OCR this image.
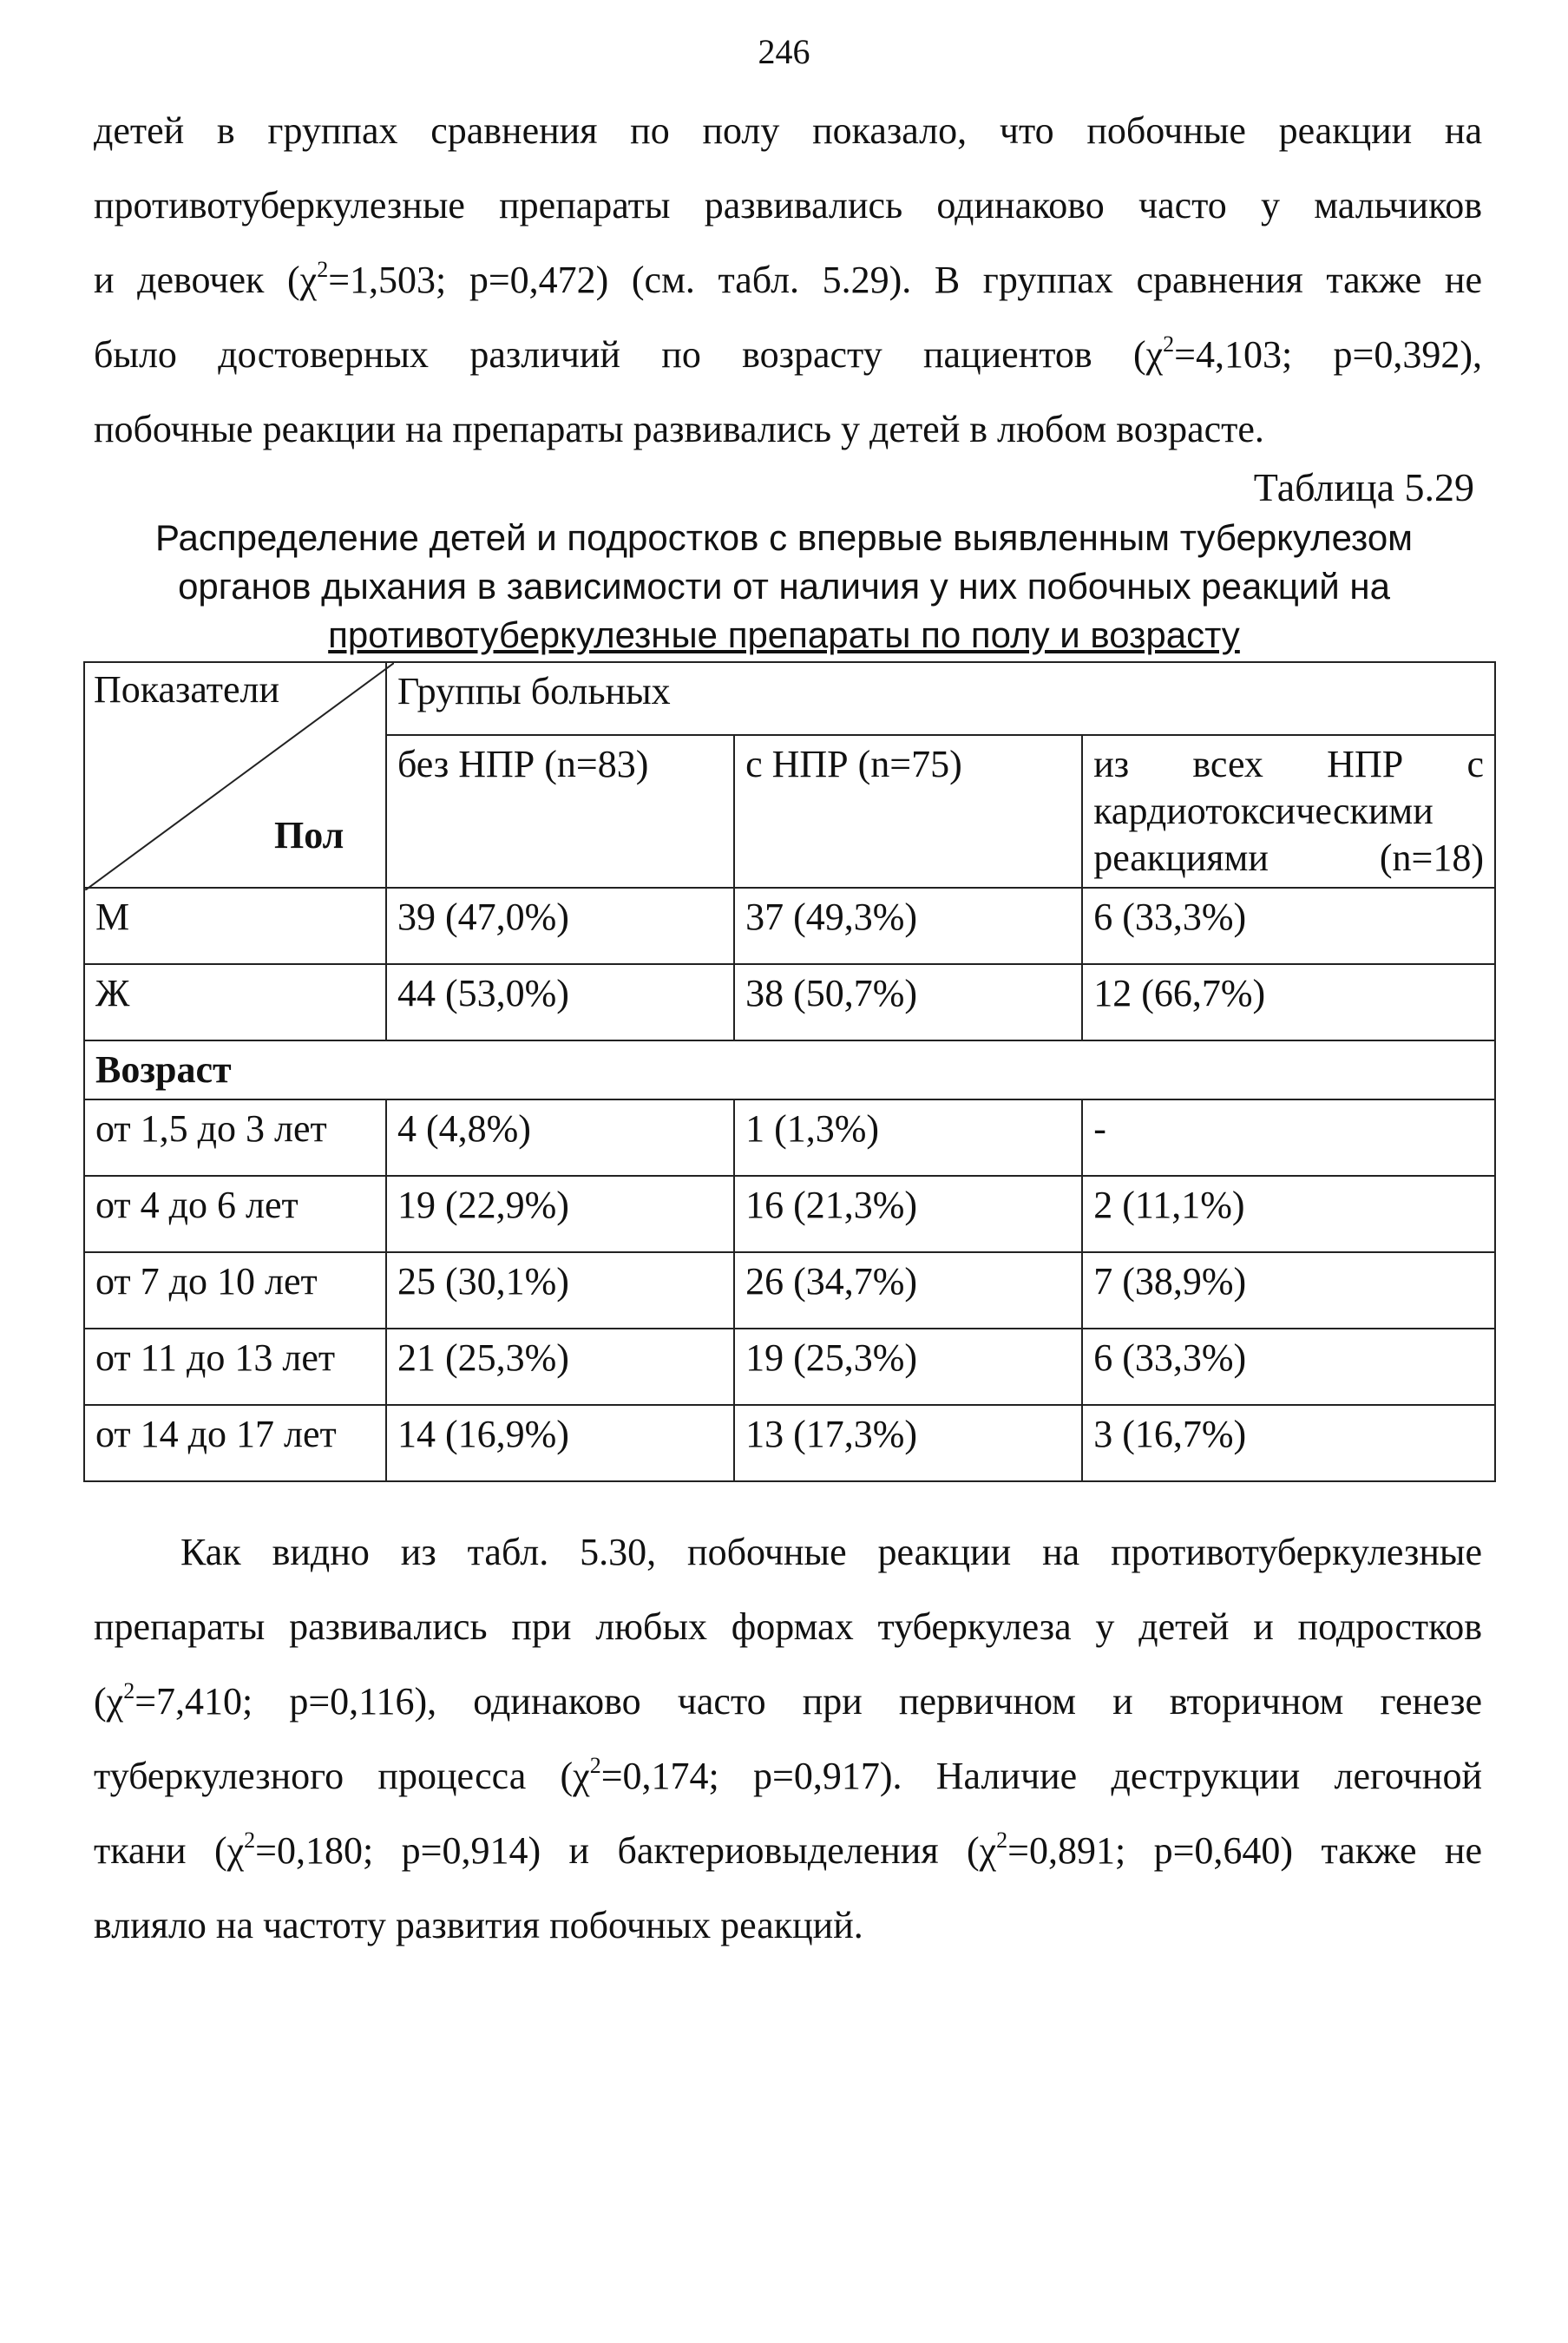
246
детей в группах сравнения по полу показало, что побочные реакции на
противотуберкулезные препараты развивались одинаково часто у мальчиков
и девочек ($\chi^2=1,503$; р=0,472) (см. табл. 5.29). В группах сравнения также не
было достоверных различий по возрасту пациентов ($\chi^2=4,103$; р=0,392),
побочные реакции на препараты развивались у детей в любом возрасте.
Таблица 5.29
Распределение детей и подростков с впервые выявленным туберкулезом
органов дыхания в зависимости от наличия у них побочных реакций на
противотуберкулезные препараты по полу и возрасту
Показатели
Пол	Группы больных		
	без НПР (n=83)	с НПР (n=75)	из всех НПР с кардиотоксическими реакциями (n=18)
М	39 (47,0%)	37 (49,3%)	6 (33,3%)
Ж	44 (53,0%)	38 (50,7%)	12 (66,7%)
Возраст			
от 1,5 до 3 лет	4 (4,8%)	1 (1,3%)	-
от 4 до 6 лет	19 (22,9%)	16 (21,3%)	2 (11,1%)
от 7 до 10 лет	25 (30,1%)	26 (34,7%)	7 (38,9%)
от 11 до 13 лет	21 (25,3%)	19 (25,3%)	6 (33,3%)
от 14 до 17 лет	14 (16,9%)	13 (17,3%)	3 (16,7%)
Как видно из табл. 5.30, побочные реакции на противотуберкулезные
препараты развивались при любых формах туберкулеза у детей и подростков
($\chi^2=7,410$; р=0,116), одинаково часто при первичном и вторичном генезе
туберкулезного процесса ($\chi^2=0,174$; р=0,917). Наличие деструкции легочной
ткани ($\chi^2=0,180$; р=0,914) и бактериовыделения ($\chi^2=0,891$; р=0,640) также не
влияло на частоту развития побочных реакций.
